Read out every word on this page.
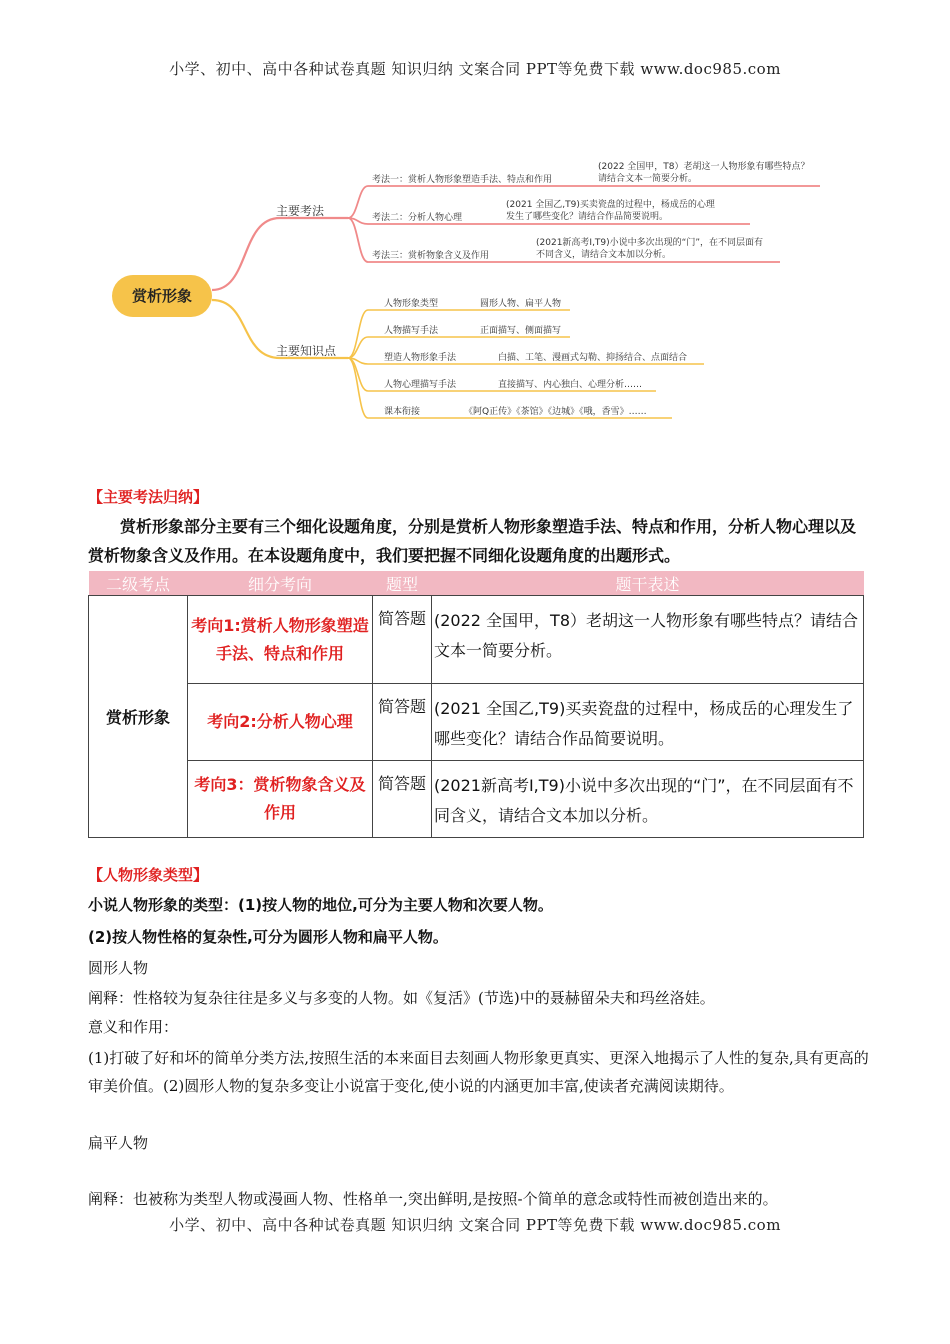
小学、初中、高中各种试卷真题 知识归纳 文案合同 PPT等免费下载 www.doc985.com
赏析形象
主要考法
主要知识点
考法一：赏析人物形象塑造手法、特点和作用
(2022 全国甲，T8）老胡这一人物形象有哪些特点？
请结合文本一简要分析。
考法二：分析人物心理
(2021 全国乙,T9)买卖瓷盘的过程中，杨成岳的心理
发生了哪些变化？请结合作品简要说明。
考法三：赏析物象含义及作用
(2021新高考Ⅰ,T9)小说中多次出现的“门”，在不同层面有
不同含义，请结合文本加以分析。
人物形象类型	圆形人物、扁平人物
人物描写手法	正面描写、侧面描写
塑造人物形象手法	白描、工笔、漫画式勾勒、抑扬结合、点面结合
人物心理描写手法	直接描写、内心独白、心理分析……
课本衔接	《阿Q正传》《茶馆》《边城》《哦，香雪》……
【主要考法归纳】
赏析形象部分主要有三个细化设题角度，分别是赏析人物形象塑造手法、特点和作用，分析人物心理以及赏析物象含义及作用。在本设题角度中，我们要把握不同细化设题角度的出题形式。
二级考点	细分考向	题型	题干表述
赏析形象	考向1:赏析人物形象塑造手法、特点和作用	简答题	(2022 全国甲，T8）老胡这一人物形象有哪些特点？请结合文本一简要分析。
	考向2:分析人物心理	简答题	(2021 全国乙,T9)买卖瓷盘的过程中，杨成岳的心理发生了哪些变化？请结合作品简要说明。
	考向3：赏析物象含义及作用	简答题	(2021新高考Ⅰ,T9)小说中多次出现的“门”，在不同层面有不同含义，请结合文本加以分析。
【人物形象类型】
小说人物形象的类型：(1)按人物的地位,可分为主要人物和次要人物。
(2)按人物性格的复杂性,可分为圆形人物和扁平人物。
圆形人物
阐释：性格较为复杂往往是多义与多变的人物。如《复活》(节选)中的聂赫留朵夫和玛丝洛娃。
意义和作用：
(1)打破了好和坏的简单分类方法,按照生活的本来面目去刻画人物形象更真实、更深入地揭示了人性的复杂,具有更高的审美价值。(2)圆形人物的复杂多变让小说富于变化,使小说的内涵更加丰富,使读者充满阅读期待。
扁平人物
阐释：也被称为类型人物或漫画人物、性格单一,突出鲜明,是按照-个简单的意念或特性而被创造出来的。
小学、初中、高中各种试卷真题 知识归纳 文案合同 PPT等免费下载 www.doc985.com
